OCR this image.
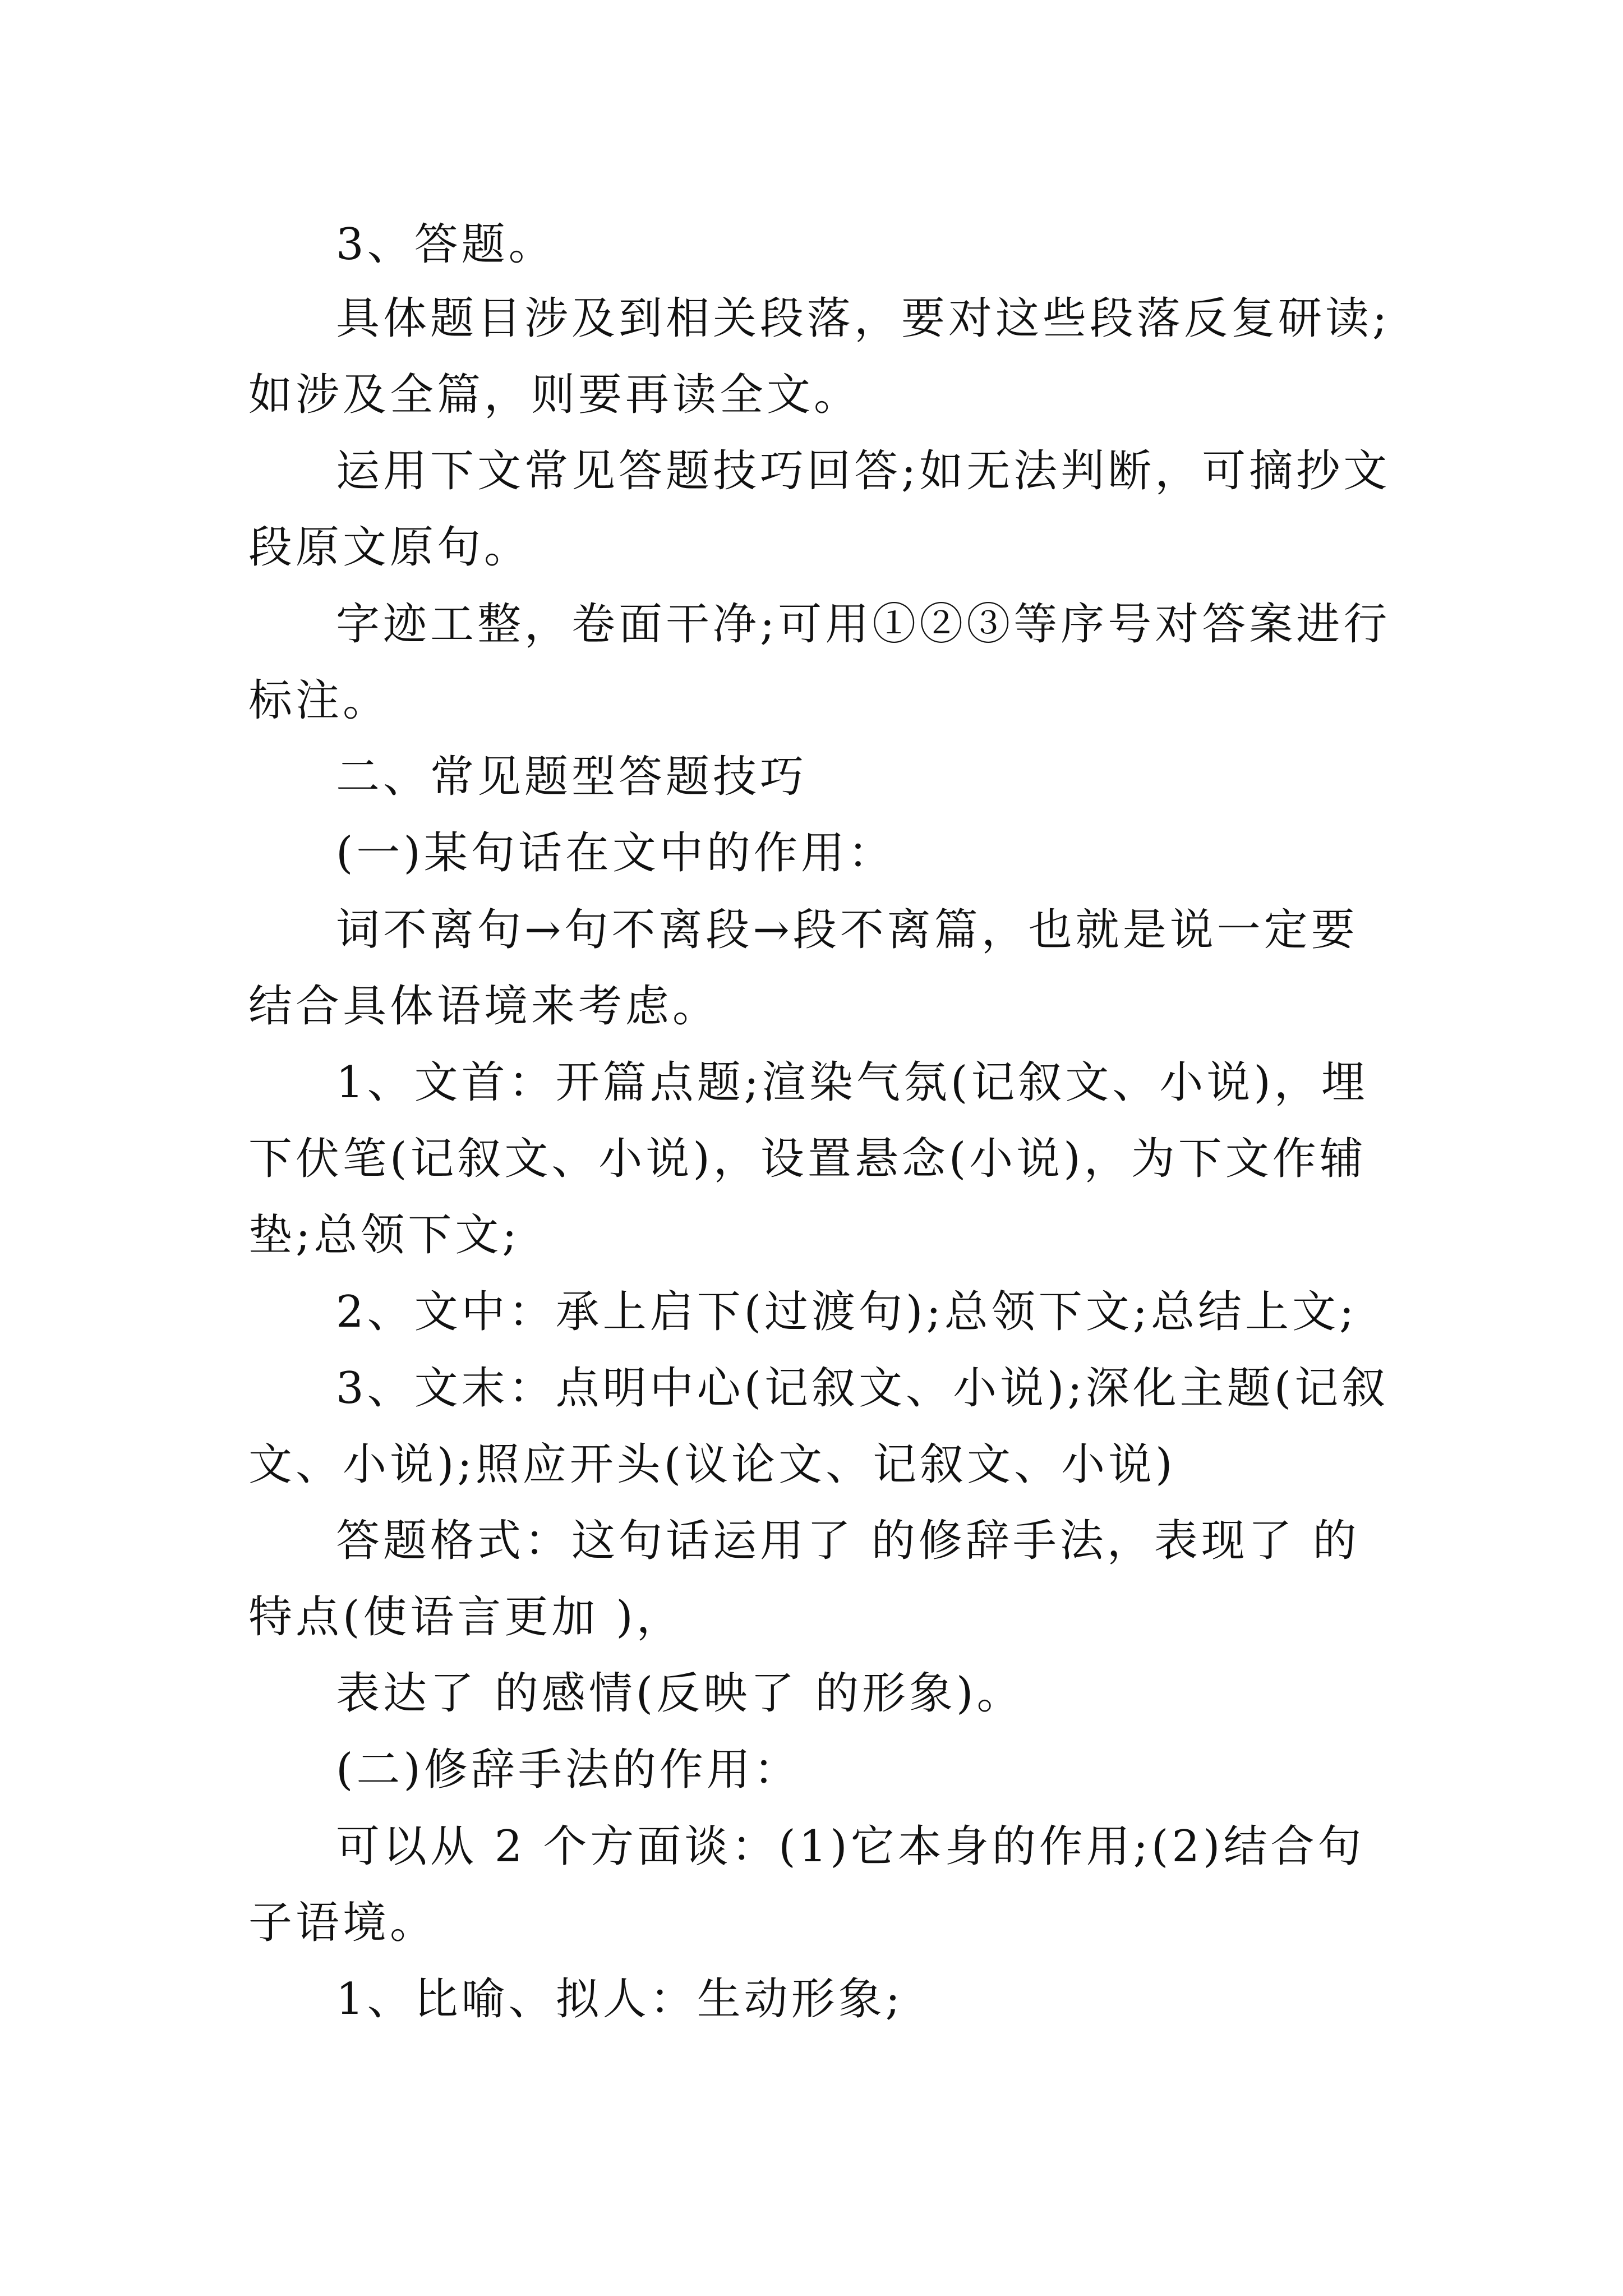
3、答题。

具体题目涉及到相关段落，要对这些段落反复研读;如涉及全篇，则要再读全文。

运用下文常见答题技巧回答;如无法判断，可摘抄文段原文原句。

字迹工整，卷面干净;可用①②③等序号对答案进行标注。

二、常见题型答题技巧

(一)某句话在文中的作用：

词不离句→句不离段→段不离篇，也就是说一定要结合具体语境来考虑。

1、文首：开篇点题;渲染气氛(记叙文、小说)，埋下伏笔(记叙文、小说)，设置悬念(小说)，为下文作辅垫;总领下文;

2、文中：承上启下(过渡句);总领下文;总结上文;

3、文末：点明中心(记叙文、小说);深化主题(记叙文、小说);照应开头(议论文、记叙文、小说)

答题格式：这句话运用了 的修辞手法，表现了 的特点(使语言更加 )，

表达了 的感情(反映了 的形象)。

(二)修辞手法的作用：

可以从 2 个方面谈：(1)它本身的作用;(2)结合句子语境。

1、比喻、拟人：生动形象;
